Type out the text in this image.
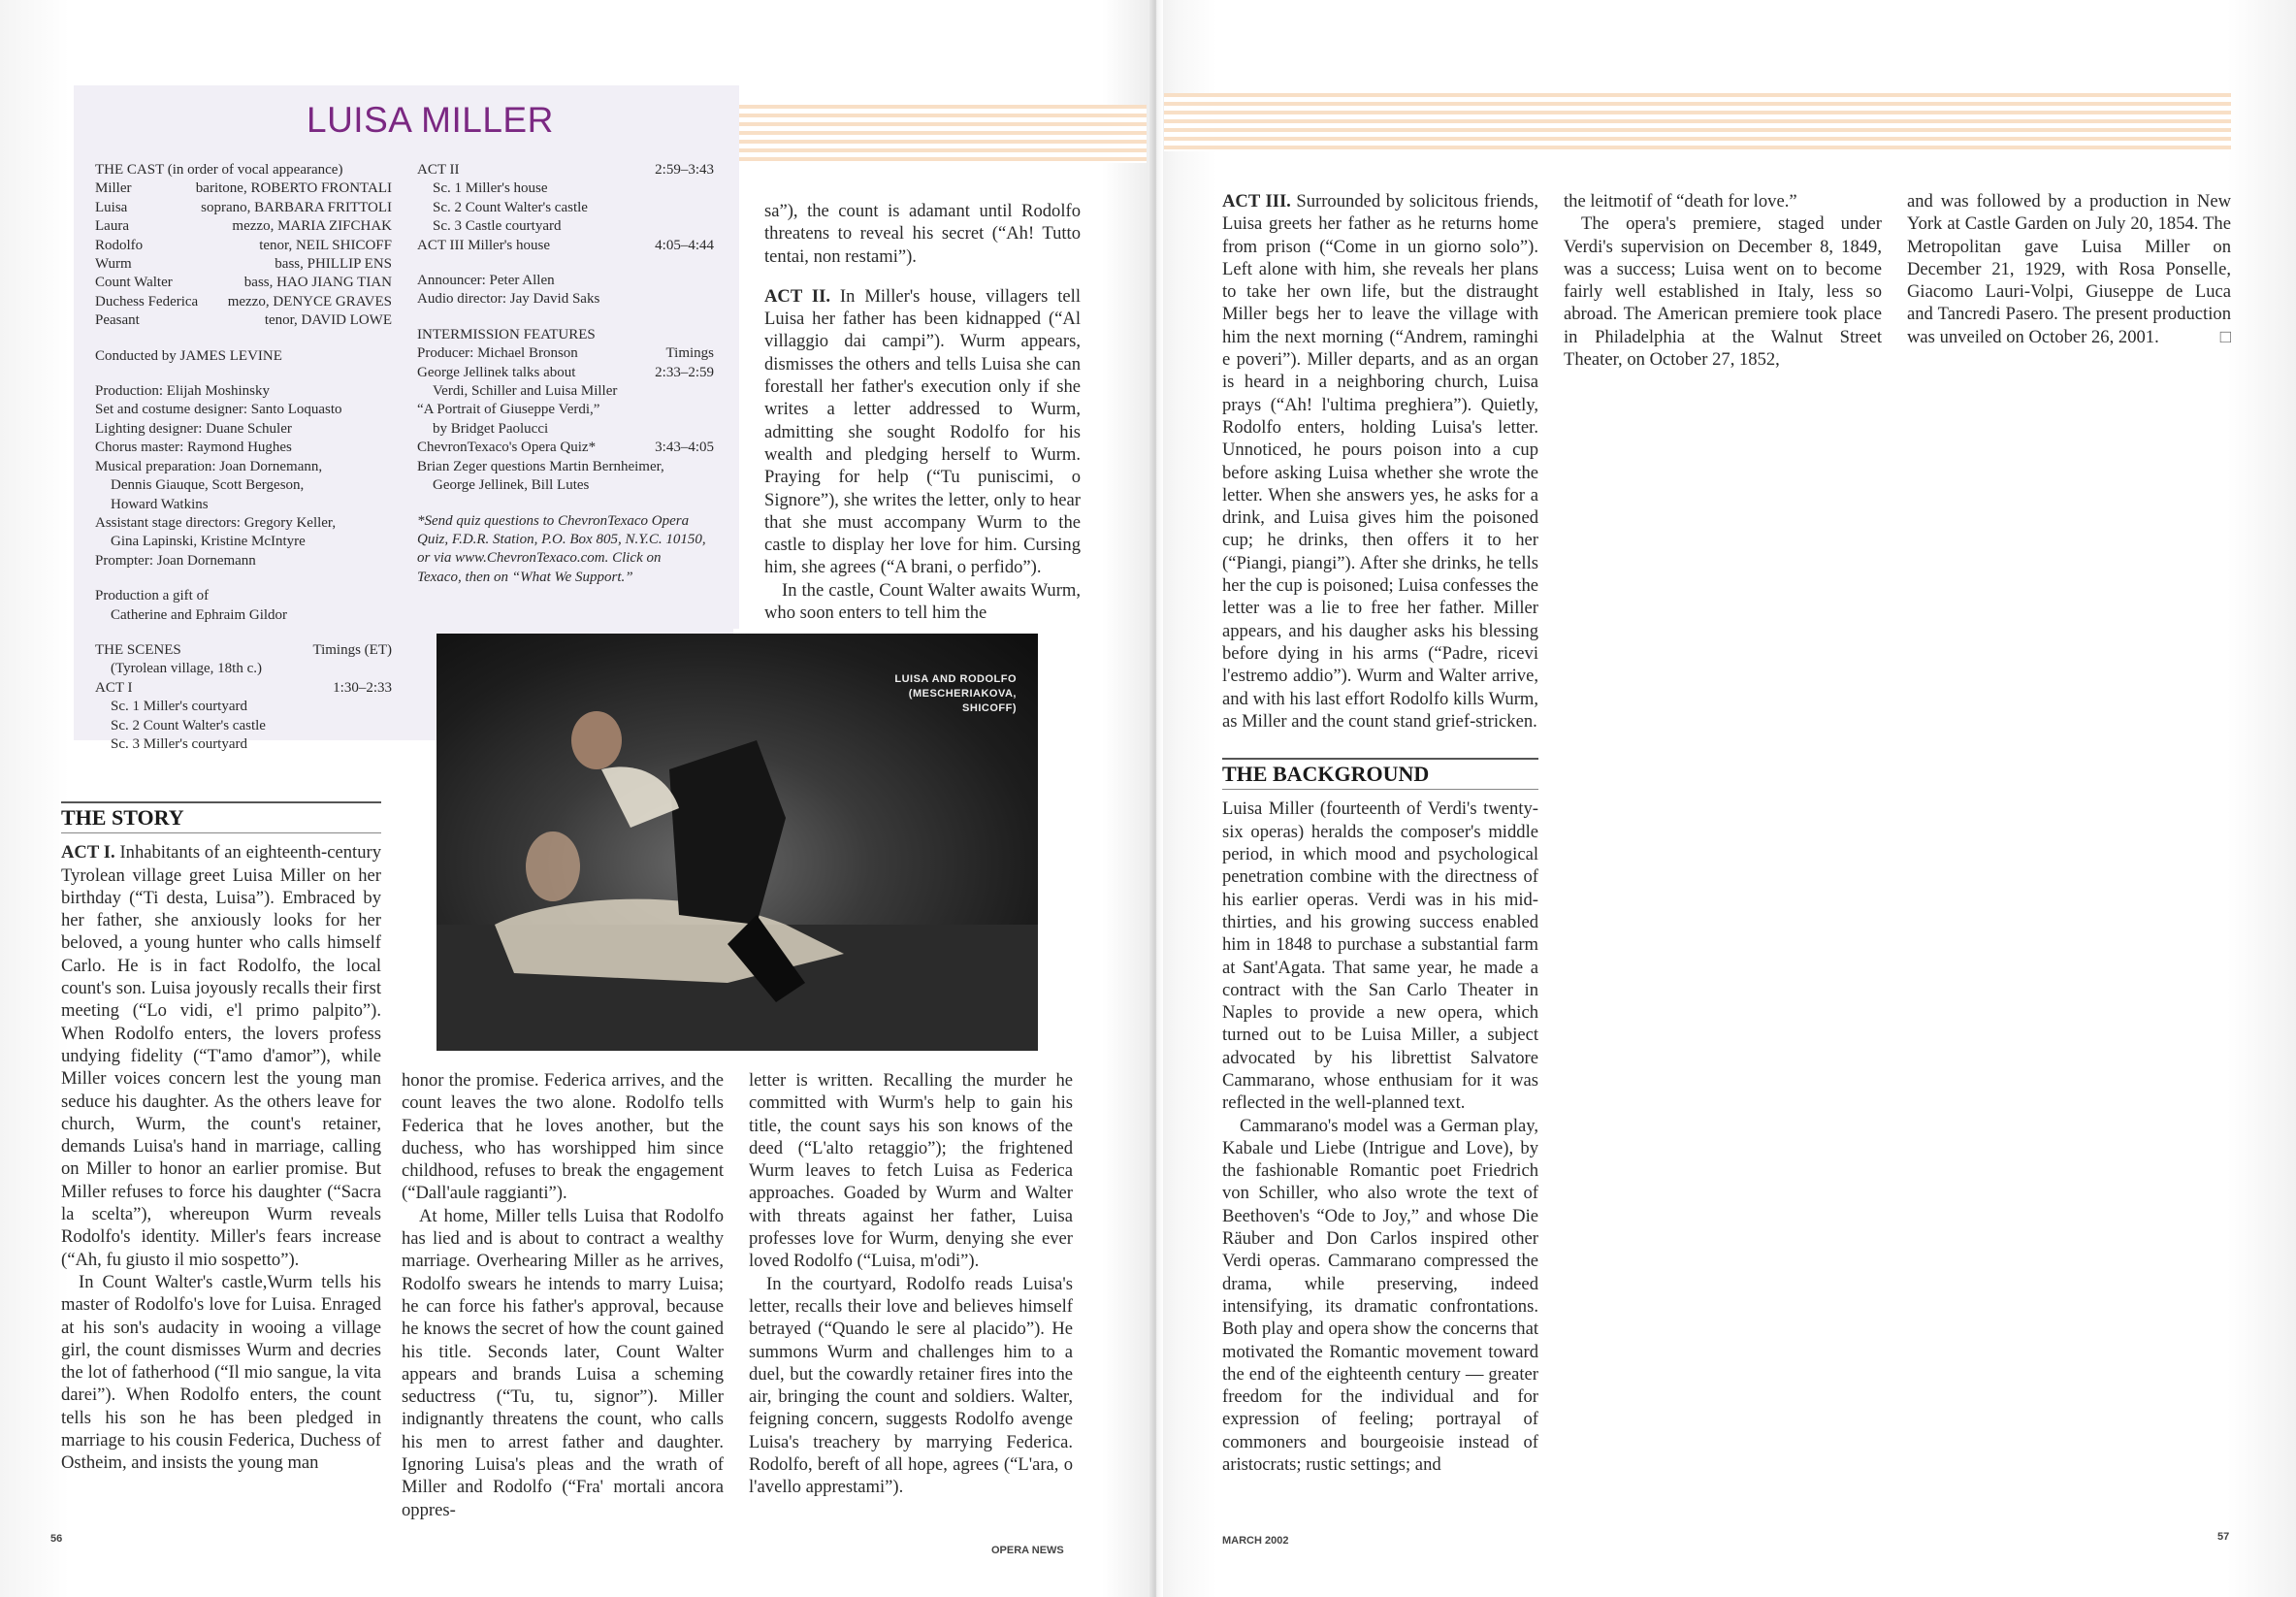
LUISA MILLER
THE CAST (in order of vocal appearance)
Miller	baritone, ROBERTO FRONTALI
Luisa	soprano, BARBARA FRITTOLI
Laura	mezzo, MARIA ZIFCHAK
Rodolfo	tenor, NEIL SHICOFF
Wurm	bass, PHILLIP ENS
Count Walter	bass, HAO JIANG TIAN
Duchess Federica mezzo, DENYCE GRAVES
Peasant	tenor, DAVID LOWE
Conducted by JAMES LEVINE
Production: Elijah Moshinsky
Set and costume designer: Santo Loquasto
Lighting designer: Duane Schuler
Chorus master: Raymond Hughes
Musical preparation: Joan Dornemann,
Dennis Giauque, Scott Bergeson,
Howard Watkins
Assistant stage directors: Gregory Keller,
Gina Lapinski, Kristine McIntyre
Prompter: Joan Dornemann
Production a gift of
Catherine and Ephraim Gildor
THE SCENES	Timings (ET)
(Tyrolean village, 18th c.)
ACT I	1:30–2:33
Sc. 1 Miller's courtyard
Sc. 2 Count Walter's castle
Sc. 3 Miller's courtyard
ACT II	2:59–3:43
Sc. 1 Miller's house
Sc. 2 Count Walter's castle
Sc. 3 Castle courtyard
ACT III Miller's house	4:05–4:44
Announcer: Peter Allen
Audio director: Jay David Saks
INTERMISSION FEATURES
Producer: Michael Bronson	Timings
George Jellinek talks about	2:33–2:59
Verdi, Schiller and Luisa Miller
“A Portrait of Giuseppe Verdi,”
by Bridget Paolucci
ChevronTexaco's Opera Quiz*	3:43–4:05
Brian Zeger questions Martin Bernheimer,
George Jellinek, Bill Lutes
*Send quiz questions to ChevronTexaco Opera Quiz, F.D.R. Station, P.O. Box 805, N.Y.C. 10150, or via www.ChevronTexaco.com. Click on Texaco, then on “What We Support.”
LUISA AND RODOLFO
(MESCHERIAKOVA,
SHICOFF)
THE STORY

ACT I. Inhabitants of an eighteenth-century Tyrolean village greet Luisa Miller on her birthday (“Ti desta, Luisa”). Embraced by her father, she anxiously looks for her beloved, a young hunter who calls himself Carlo. He is in fact Rodolfo, the local count's son. Luisa joyously recalls their first meeting (“Lo vidi, e'l primo palpito”). When Rodolfo enters, the lovers profess undying fidelity (“T'amo d'amor”), while Miller voices concern lest the young man seduce his daughter. As the others leave for church, Wurm, the count's retainer, demands Luisa's hand in marriage, calling on Miller to honor an earlier promise. But Miller refuses to force his daughter (“Sacra la scelta”), whereupon Wurm reveals Rodolfo's identity. Miller's fears increase (“Ah, fu giusto il mio sospetto”).

In Count Walter's castle,Wurm tells his master of Rodolfo's love for Luisa. Enraged at his son's audacity in wooing a village girl, the count dismisses Wurm and decries the lot of fatherhood (“Il mio sangue, la vita darei”). When Rodolfo enters, the count tells his son he has been pledged in marriage to his cousin Federica, Duchess of Ostheim, and insists the young man

honor the promise. Federica arrives, and the count leaves the two alone. Rodolfo tells Federica that he loves another, but the duchess, who has worshipped him since childhood, refuses to break the engagement (“Dall'aule raggianti”).

At home, Miller tells Luisa that Rodolfo has lied and is about to contract a wealthy marriage. Overhearing Miller as he arrives, Rodolfo swears he intends to marry Luisa; he can force his father's approval, because he knows the secret of how the count gained his title. Seconds later, Count Walter appears and brands Luisa a scheming seductress (“Tu, tu, signor”). Miller indignantly threatens the count, who calls his men to arrest father and daughter. Ignoring Luisa's pleas and the wrath of Miller and Rodolfo (“Fra' mortali ancora oppres-

sa”), the count is adamant until Rodolfo threatens to reveal his secret (“Ah! Tutto tentai, non restami”).

ACT II. In Miller's house, villagers tell Luisa her father has been kidnapped (“Al villaggio dai campi”). Wurm appears, dismisses the others and tells Luisa she can forestall her father's execution only if she writes a letter addressed to Wurm, admitting she sought Rodolfo for his wealth and pledging herself to Wurm. Praying for help (“Tu puniscimi, o Signore”), she writes the letter, only to hear that she must accompany Wurm to the castle to display her love for him. Cursing him, she agrees (“A brani, o perfido”).

In the castle, Count Walter awaits Wurm, who soon enters to tell him the

letter is written. Recalling the murder he committed with Wurm's help to gain his title, the count says his son knows of the deed (“L'alto retaggio”); the frightened Wurm leaves to fetch Luisa as Federica approaches. Goaded by Wurm and Walter with threats against her father, Luisa professes love for Wurm, denying she ever loved Rodolfo (“Luisa, m'odi”).

In the courtyard, Rodolfo reads Luisa's letter, recalls their love and believes himself betrayed (“Quando le sere al placido”). He summons Wurm and challenges him to a duel, but the cowardly retainer fires into the air, bringing the count and soldiers. Walter, feigning concern, suggests Rodolfo avenge Luisa's treachery by marrying Federica. Rodolfo, bereft of all hope, agrees (“L'ara, o l'avello apprestami”).

56
OPERA NEWS

ACT III. Surrounded by solicitous friends, Luisa greets her father as he returns home from prison (“Come in un giorno solo”). Left alone with him, she reveals her plans to take her own life, but the distraught Miller begs her to leave the village with him the next morning (“Andrem, raminghi e poveri”). Miller departs, and as an organ is heard in a neighboring church, Luisa prays (“Ah! l'ultima preghiera”). Quietly, Rodolfo enters, holding Luisa's letter. Unnoticed, he pours poison into a cup before asking Luisa whether she wrote the letter. When she answers yes, he asks for a drink, and Luisa gives him the poisoned cup; he drinks, then offers it to her (“Piangi, piangi”). After she drinks, he tells her the cup is poisoned; Luisa confesses the letter was a lie to free her father. Miller appears, and his daugher asks his blessing before dying in his arms (“Padre, ricevi l'estremo addio”). Wurm and Walter arrive, and with his last effort Rodolfo kills Wurm, as Miller and the count stand grief-stricken.

THE BACKGROUND

Luisa Miller (fourteenth of Verdi's twenty-six operas) heralds the composer's middle period, in which mood and psychological penetration combine with the directness of his earlier operas. Verdi was in his mid-thirties, and his growing success enabled him in 1848 to purchase a substantial farm at Sant'Agata. That same year, he made a contract with the San Carlo Theater in Naples to provide a new opera, which turned out to be Luisa Miller, a subject advocated by his librettist Salvatore Cammarano, whose enthusiam for it was reflected in the well-planned text.

Cammarano's model was a German play, Kabale und Liebe (Intrigue and Love), by the fashionable Romantic poet Friedrich von Schiller, who also wrote the text of Beethoven's “Ode to Joy,” and whose Die Räuber and Don Carlos inspired other Verdi operas. Cammarano compressed the drama, while preserving, indeed intensifying, its dramatic confrontations. Both play and opera show the concerns that motivated the Romantic movement toward the end of the eighteenth century — greater freedom for the individual and for expression of feeling; portrayal of commoners and bourgeoisie instead of aristocrats; rustic settings; and

the leitmotif of “death for love.”

The opera's premiere, staged under Verdi's supervision on December 8, 1849, was a success; Luisa went on to become fairly well established in Italy, less so abroad. The American premiere took place in Philadelphia at the Walnut Street Theater, on October 27, 1852,

and was followed by a production in New York at Castle Garden on July 20, 1854. The Metropolitan gave Luisa Miller on December 21, 1929, with Rosa Ponselle, Giacomo Lauri-Volpi, Giuseppe de Luca and Tancredi Pasero. The present production was unveiled on October 26, 2001.	□

MARCH 2002	57
